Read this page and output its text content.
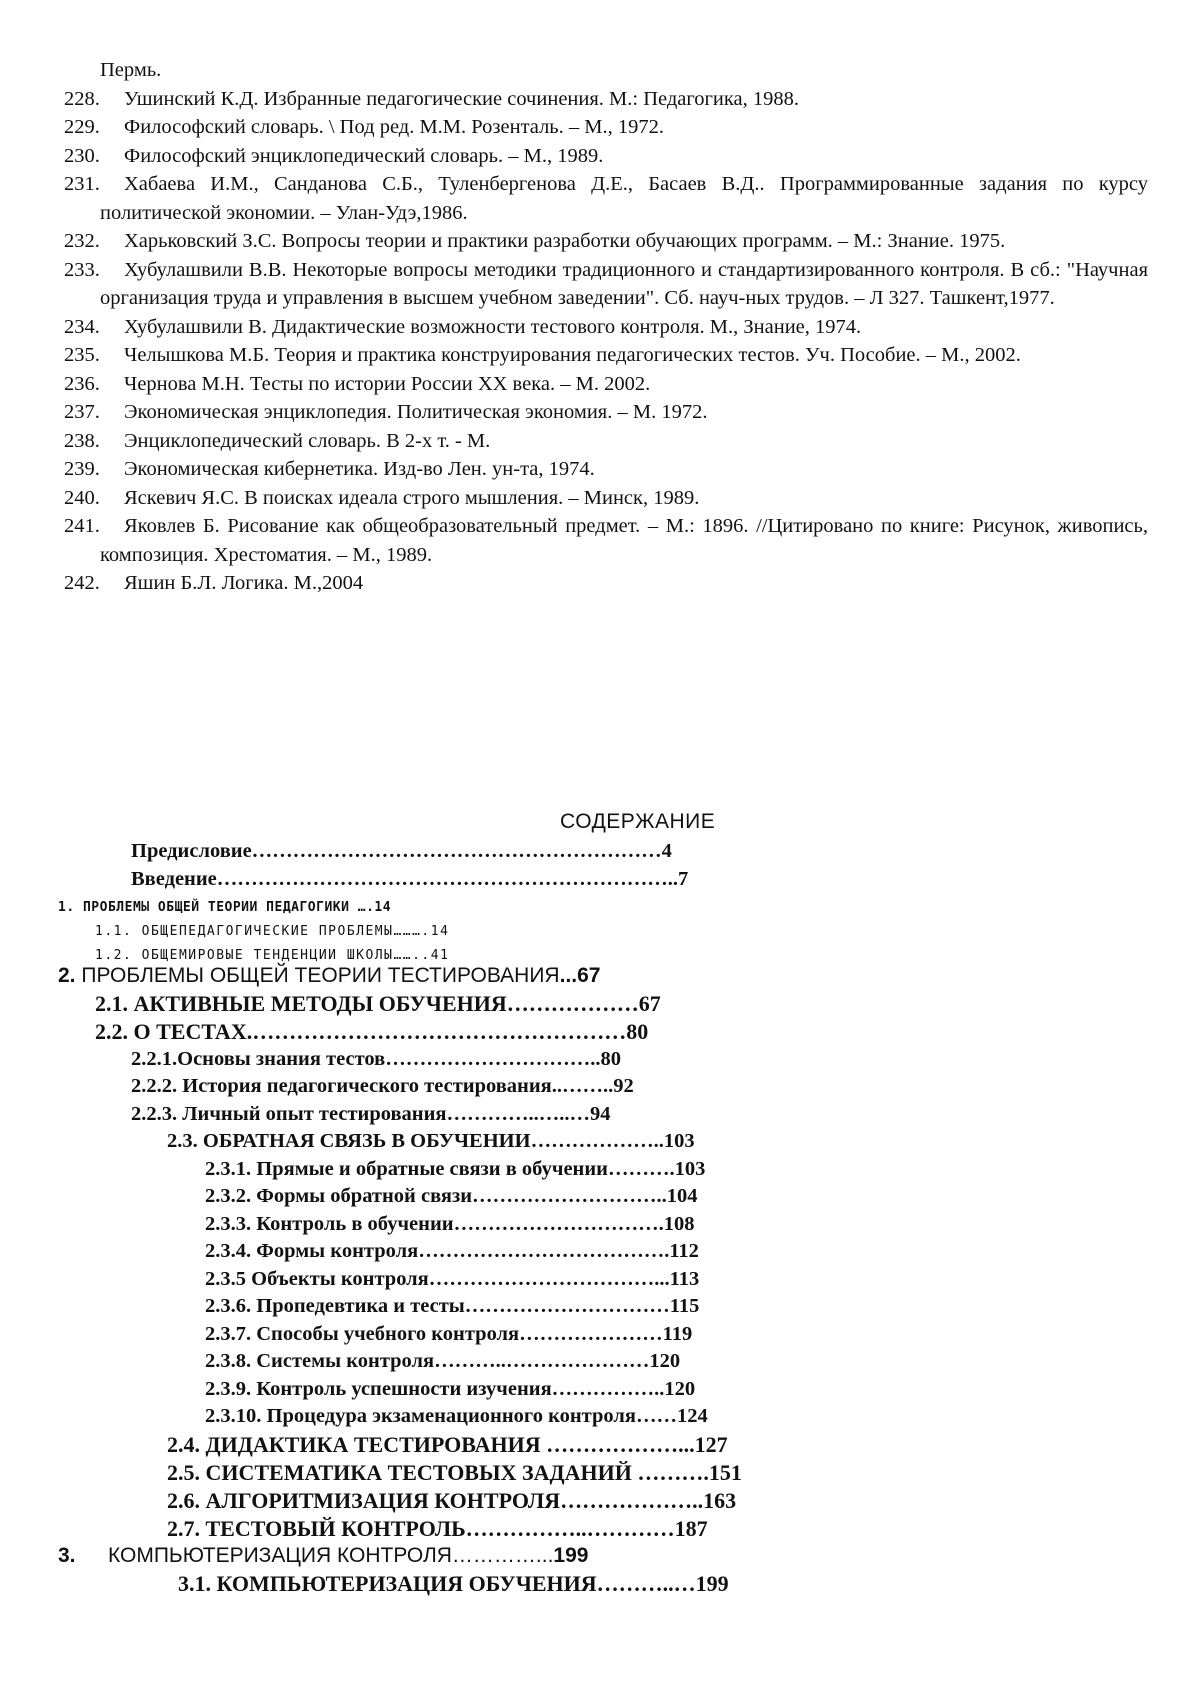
Пермь.
228. Ушинский К.Д. Избранные педагогические сочинения. М.: Педагогика, 1988.
229. Философский словарь. \ Под ред. М.М. Розенталь. – М., 1972.
230. Философский энциклопедический словарь. – М., 1989.
231. Хабаева И.М., Санданова С.Б., Туленбергенова Д.Е., Басаев В.Д.. Программированные задания по курсу политической экономии. – Улан-Удэ,1986.
232. Харьковский З.С. Вопросы теории и практики разработки обучающих программ. – М.: Знание. 1975.
233. Хубулашвили В.В. Некоторые вопросы методики традиционного и стандартизированного контроля. В сб.: "Научная организация труда и управления в высшем учебном заведении". Сб. науч-ных трудов. – Л 327. Ташкент,1977.
234. Хубулашвили В. Дидактические возможности тестового контроля. М., Знание, 1974.
235. Челышкова М.Б. Теория и практика конструирования педагогических тестов. Уч. Пособие. – М., 2002.
236. Чернова М.Н. Тесты по истории России XX века. – М. 2002.
237. Экономическая энциклопедия. Политическая экономия. – М. 1972.
238. Энциклопедический словарь. В 2-х т. - М.
239. Экономическая кибернетика. Изд-во Лен. ун-та, 1974.
240. Яскевич Я.С. В поисках идеала строго мышления. – Минск, 1989.
241. Яковлев Б. Рисование как общеобразовательный предмет. – М.: 1896. //Цитировано по книге: Рисунок, живопись, композиция. Хрестоматия. – М., 1989.
242. Яшин Б.Л. Логика. М.,2004
СОДЕРЖАНИЕ
Предисловие……………………………………………………4
Введение…………………………………………………………..7
1. ПРОБЛЕМЫ ОБЩЕЙ ТЕОРИИ ПЕДАГОГИКИ ….14
1.1. ОБЩЕПЕДАГОГИЧЕСКИЕ ПРОБЛЕМЫ……….14
1.2. ОБЩЕМИРОВЫЕ ТЕНДЕНЦИИ ШКОЛЫ……..41
2. ПРОБЛЕМЫ ОБЩЕЙ ТЕОРИИ ТЕСТИРОВАНИЯ...67
2.1. АКТИВНЫЕ МЕТОДЫ ОБУЧЕНИЯ………………67
2.2. О ТЕСТАХ.……………………………………………80
2.2.1.Основы знания тестов…………………………..80
2.2.2. История педагогического тестирования..……..92
2.2.3. Личный опыт тестирования…………..…..…94
2.3. ОБРАТНАЯ СВЯЗЬ В ОБУЧЕНИИ………………..103
2.3.1. Прямые и обратные связи в обучении……….103
2.3.2. Формы обратной связи………………………..104
2.3.3. Контроль в обучении………………………….108
2.3.4. Формы контроля……………………………….112
2.3.5 Объекты контроля……………………………...113
2.3.6. Пропедевтика и тесты…………………………115
2.3.7. Способы учебного контроля…………………119
2.3.8. Системы контроля………..…………………120
2.3.9. Контроль успешности изучения……………..120
2.3.10. Процедура экзаменационного контроля……124
2.4. ДИДАКТИКА ТЕСТИРОВАНИЯ ………………...127
2.5. СИСТЕМАТИКА ТЕСТОВЫХ ЗАДАНИЙ ……….151
2.6. АЛГОРИТМИЗАЦИЯ КОНТРОЛЯ………………..163
2.7. ТЕСТОВЫЙ КОНТРОЛЬ……………..…………187
3. КОМПЬЮТЕРИЗАЦИЯ КОНТРОЛЯ…………...199
3.1. КОМПЬЮТЕРИЗАЦИЯ ОБУЧЕНИЯ………..…199
